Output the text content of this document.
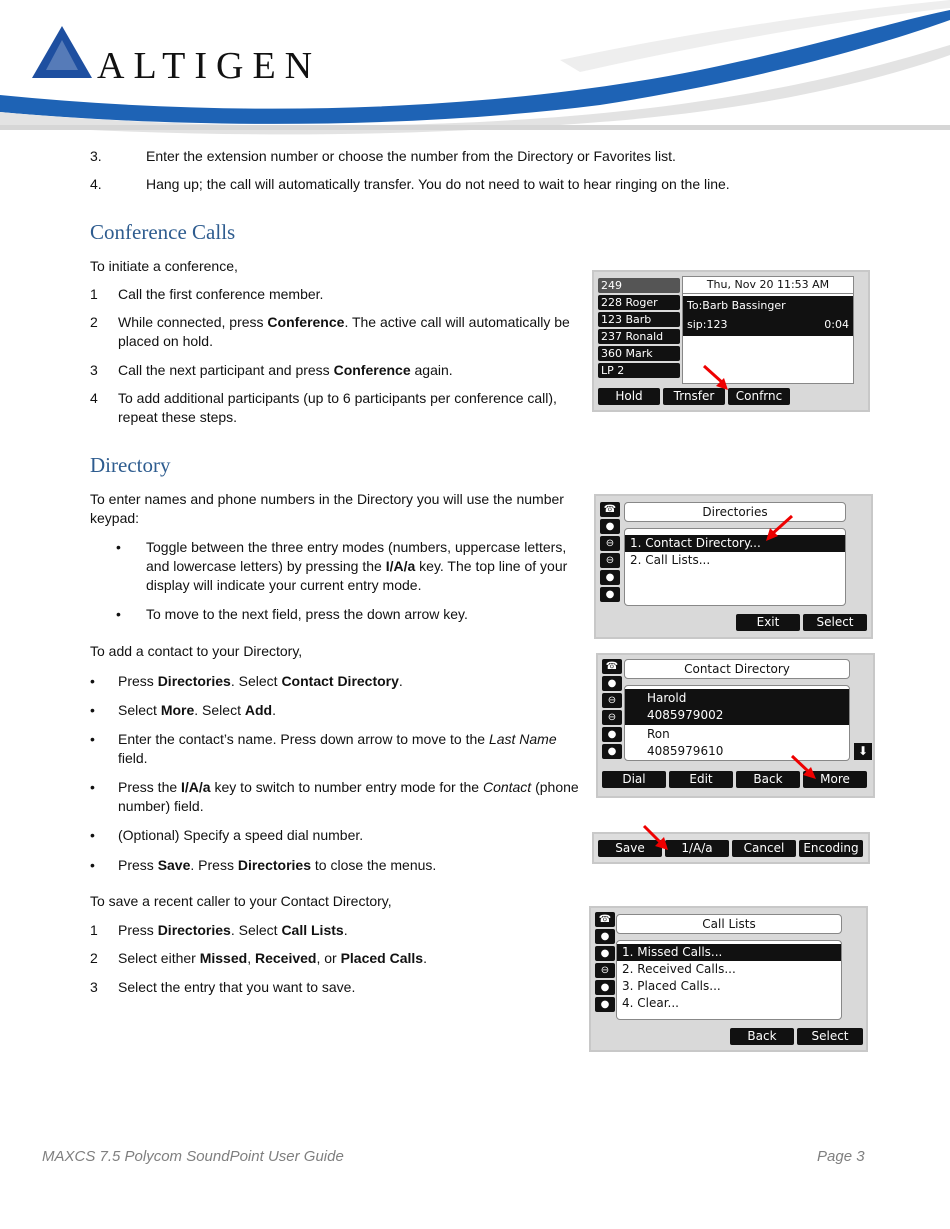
ALTIGEN
3.	Enter the extension number or choose the number from the Directory or Favorites list.
4.	Hang up; the call will automatically transfer. You do not need to wait to hear ringing on the line.
Conference Calls
To initiate a conference,
1 Call the first conference member.
2 While connected, press Conference. The active call will automatically be placed on hold.
3 Call the next participant and press Conference again.
4 To add additional participants (up to 6 participants per conference call), repeat these steps.
Directory
To enter names and phone numbers in the Directory you will use the number keypad:
• Toggle between the three entry modes (numbers, uppercase letters, and lowercase letters) by pressing the I/A/a key. The top line of your display will indicate your current entry mode.
• To move to the next field, press the down arrow key.
To add a contact to your Directory,
• Press Directories. Select Contact Directory.
• Select More. Select Add.
• Enter the contact’s name. Press down arrow to move to the Last Name field.
• Press the I/A/a key to switch to number entry mode for the Contact (phone number) field.
• (Optional) Specify a speed dial number.
• Press Save. Press Directories to close the menus.
To save a recent caller to your Contact Directory,
1 Press Directories. Select Call Lists.
2 Select either Missed, Received, or Placed Calls.
3 Select the entry that you want to save.
249
228 Roger
123 Barb
237 Ronald
360 Mark
LP 2
Thu, Nov 20 11:53 AM
To:Barb Bassinger
sip:123	0:04
Hold	Trnsfer	Confrnc
☎
●
⊖
⊖
●
●
Directories
1. Contact Directory...
2. Call Lists...
Exit	Select
☎
●
⊖
⊖
●
●
Contact Directory
Harold
4085979002
Ron
4085979610	⬇
Dial	Edit	Back	More
Save	1/A/a	Cancel	Encoding
☎
●
●
⊖
●
●
Call Lists
1. Missed Calls...
2. Received Calls...
3. Placed Calls...
4. Clear...
Back	Select
MAXCS 7.5 Polycom SoundPoint User Guide	Page 3
